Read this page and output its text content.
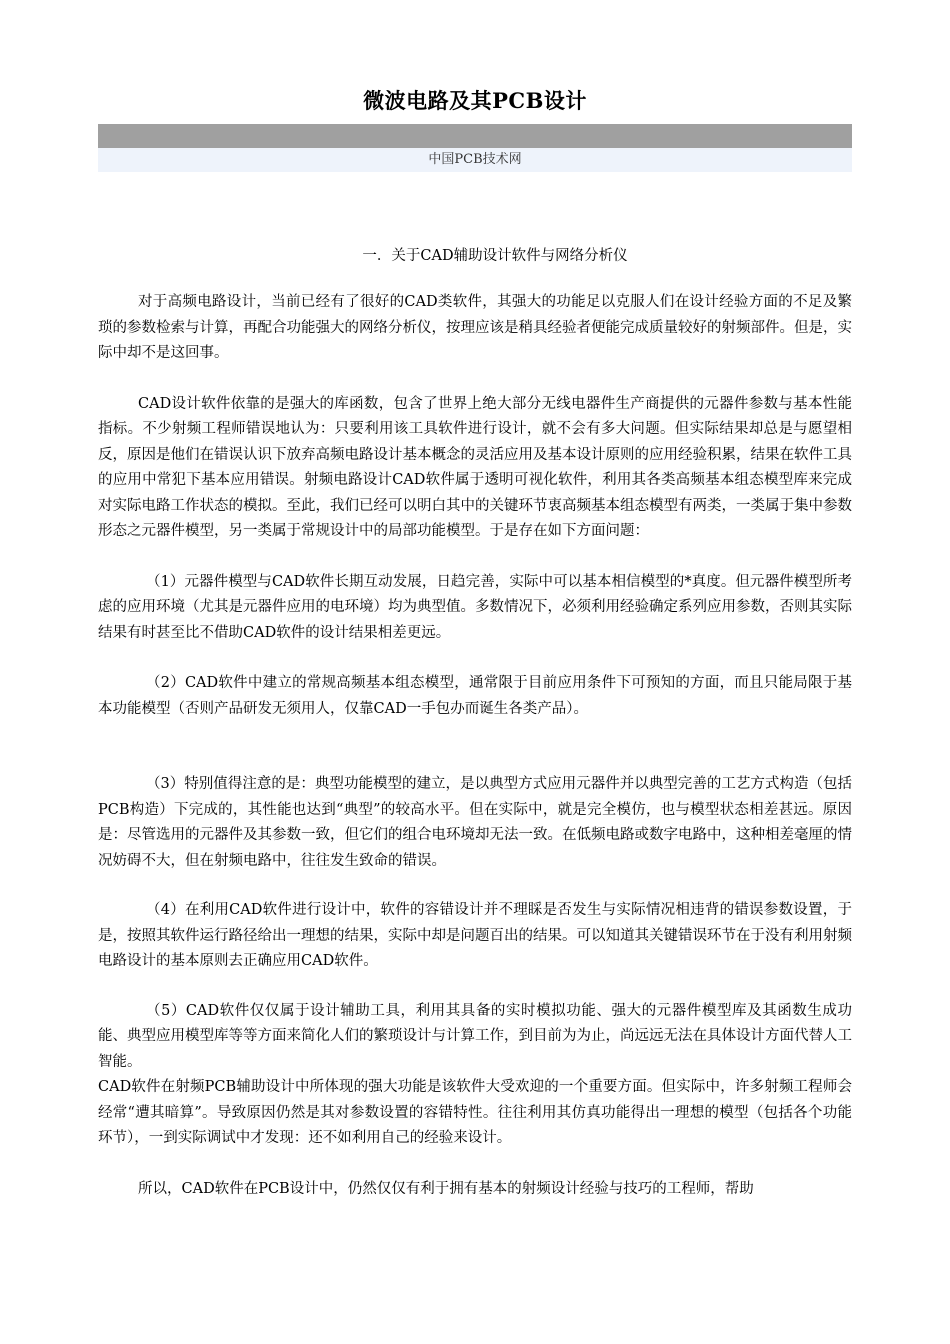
微波电路及其PCB设计
中国PCB技术网
一．关于CAD辅助设计软件与网络分析仪

对于高频电路设计，当前已经有了很好的CAD类软件，其强大的功能足以克服人们在设计经验方面的不足及繁琐的参数检索与计算，再配合功能强大的网络分析仪，按理应该是稍具经验者便能完成质量较好的射频部件。但是，实际中却不是这回事。

CAD设计软件依靠的是强大的库函数，包含了世界上绝大部分无线电器件生产商提供的元器件参数与基本性能指标。不少射频工程师错误地认为：只要利用该工具软件进行设计，就不会有多大问题。但实际结果却总是与愿望相反，原因是他们在错误认识下放弃高频电路设计基本概念的灵活应用及基本设计原则的应用经验积累，结果在软件工具的应用中常犯下基本应用错误。射频电路设计CAD软件属于透明可视化软件，利用其各类高频基本组态模型库来完成对实际电路工作状态的模拟。至此，我们已经可以明白其中的关键环节衷高频基本组态模型有两类，一类属于集中参数形态之元器件模型，另一类属于常规设计中的局部功能模型。于是存在如下方面问题：

（1）元器件模型与CAD软件长期互动发展，日趋完善，实际中可以基本相信模型的*真度。但元器件模型所考虑的应用环境（尤其是元器件应用的电环境）均为典型值。多数情况下，必须利用经验确定系列应用参数，否则其实际结果有时甚至比不借助CAD软件的设计结果相差更远。

（2）CAD软件中建立的常规高频基本组态模型，通常限于目前应用条件下可预知的方面，而且只能局限于基本功能模型（否则产品研发无须用人，仅靠CAD一手包办而诞生各类产品）。

（3）特别值得注意的是：典型功能模型的建立，是以典型方式应用元器件并以典型完善的工艺方式构造（包括PCB构造）下完成的，其性能也达到“典型”的较高水平。但在实际中，就是完全模仿，也与模型状态相差甚远。原因是：尽管选用的元器件及其参数一致，但它们的组合电环境却无法一致。在低频电路或数字电路中，这种相差毫厘的情况妨碍不大，但在射频电路中，往往发生致命的错误。

（4）在利用CAD软件进行设计中，软件的容错设计并不理睬是否发生与实际情况相违背的错误参数设置，于是，按照其软件运行路径给出一理想的结果，实际中却是问题百出的结果。可以知道其关键错误环节在于没有利用射频电路设计的基本原则去正确应用CAD软件。

（5）CAD软件仅仅属于设计辅助工具，利用其具备的实时模拟功能、强大的元器件模型库及其函数生成功能、典型应用模型库等等方面来简化人们的繁琐设计与计算工作，到目前为为止，尚远远无法在具体设计方面代替人工智能。

CAD软件在射频PCB辅助设计中所体现的强大功能是该软件大受欢迎的一个重要方面。但实际中，许多射频工程师会经常“遭其暗算”。导致原因仍然是其对参数设置的容错特性。往往利用其仿真功能得出一理想的模型（包括各个功能环节），一到实际调试中才发现：还不如利用自己的经验来设计。

所以，CAD软件在PCB设计中，仍然仅仅有利于拥有基本的射频设计经验与技巧的工程师，帮助
